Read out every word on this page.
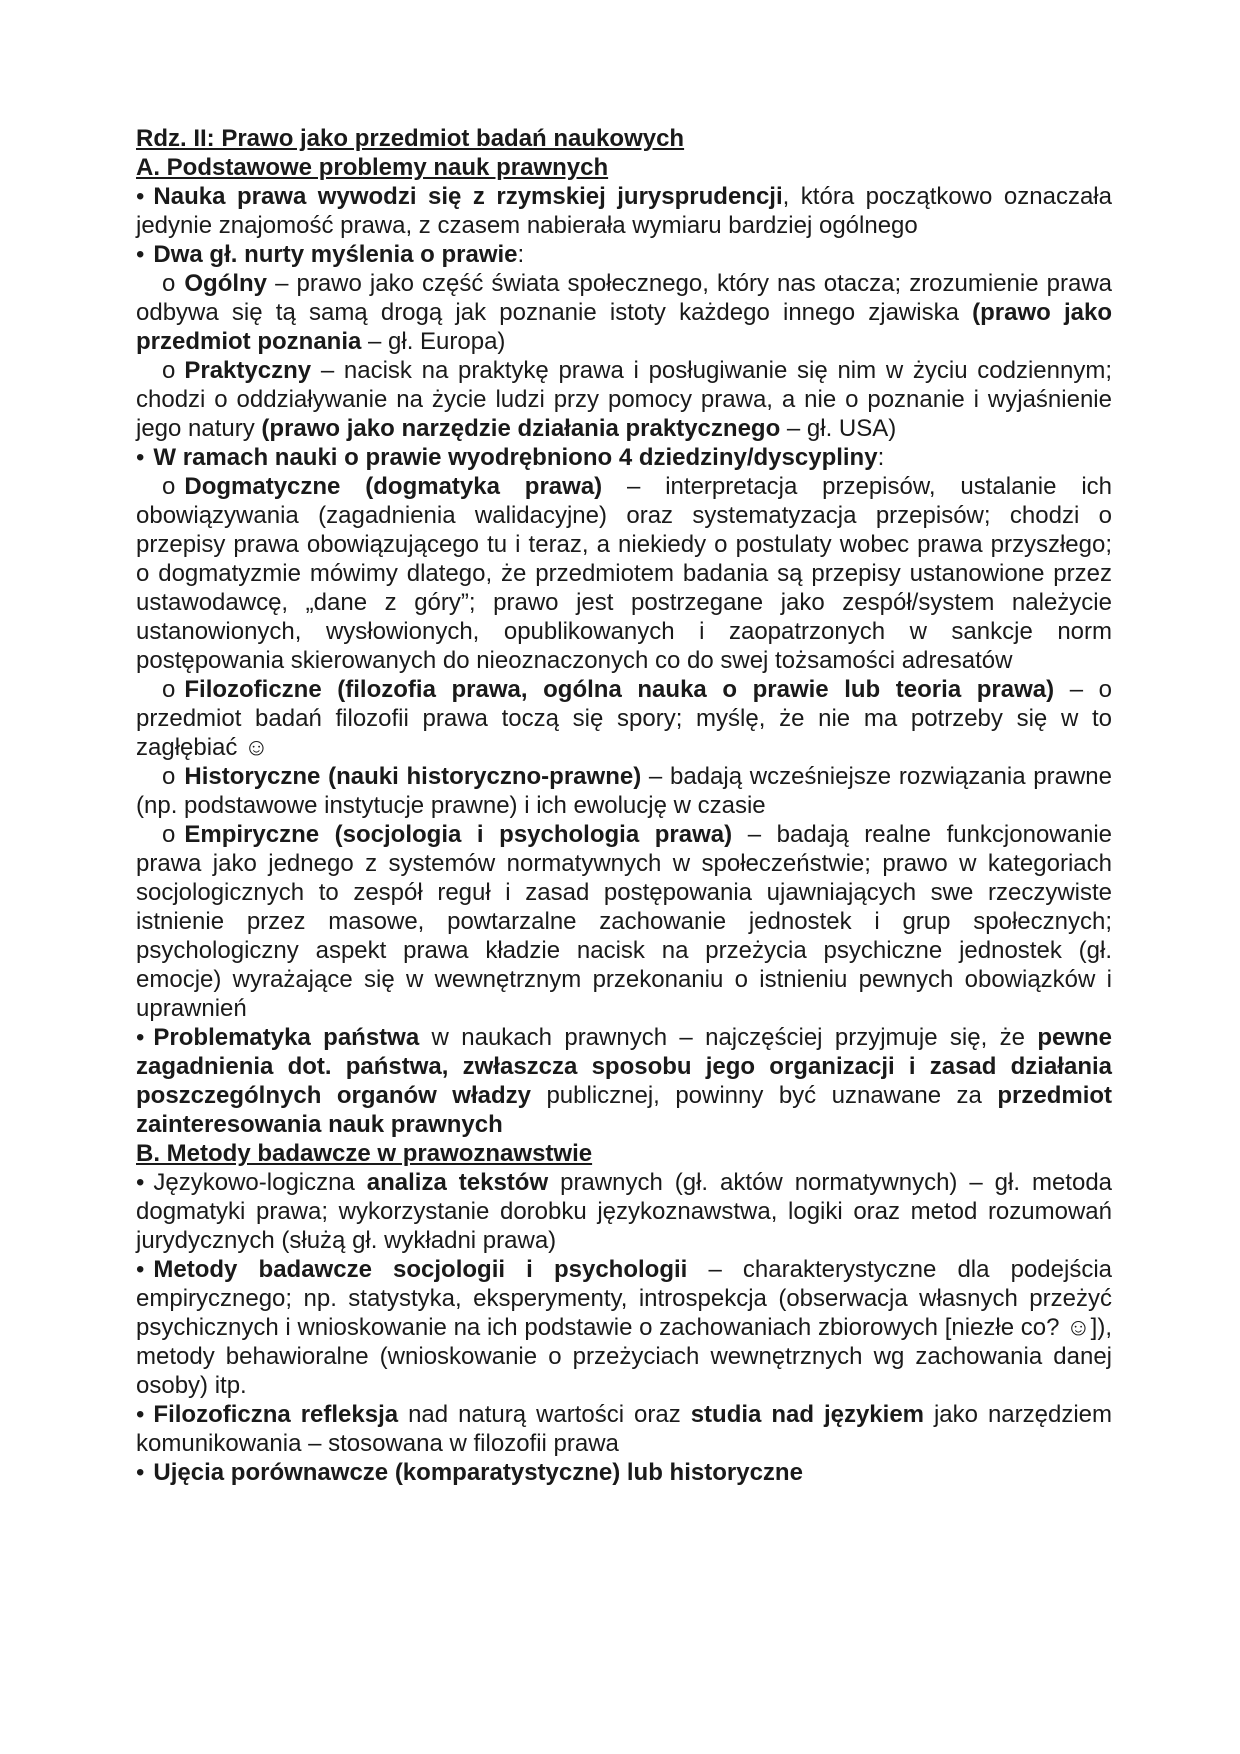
Rdz. II: Prawo jako przedmiot badań naukowych
A. Podstawowe problemy nauk prawnych
• Nauka prawa wywodzi się z rzymskiej jurysprudencji, która początkowo oznaczała jedynie znajomość prawa, z czasem nabierała wymiaru bardziej ogólnego
• Dwa gł. nurty myślenia o prawie:
o Ogólny – prawo jako część świata społecznego, który nas otacza; zrozumienie prawa odbywa się tą samą drogą jak poznanie istoty każdego innego zjawiska (prawo jako przedmiot poznania – gł. Europa)
o Praktyczny – nacisk na praktykę prawa i posługiwanie się nim w życiu codziennym; chodzi o oddziaływanie na życie ludzi przy pomocy prawa, a nie o poznanie i wyjaśnienie jego natury (prawo jako narzędzie działania praktycznego – gł. USA)
• W ramach nauki o prawie wyodrębniono 4 dziedziny/dyscypliny:
o Dogmatyczne (dogmatyka prawa) – interpretacja przepisów, ustalanie ich obowiązywania (zagadnienia walidacyjne) oraz systematyzacja przepisów; chodzi o przepisy prawa obowiązującego tu i teraz, a niekiedy o postulaty wobec prawa przyszłego; o dogmatyzmie mówimy dlatego, że przedmiotem badania są przepisy ustanowione przez ustawodawcę, „dane z góry”; prawo jest postrzegane jako zespół/system należycie ustanowionych, wysłowionych, opublikowanych i zaopatrzonych w sankcje norm postępowania skierowanych do nieoznaczonych co do swej tożsamości adresatów
o Filozoficzne (filozofia prawa, ogólna nauka o prawie lub teoria prawa) – o przedmiot badań filozofii prawa toczą się spory; myślę, że nie ma potrzeby się w to zagłębiać ☺
o Historyczne (nauki historyczno-prawne) – badają wcześniejsze rozwiązania prawne (np. podstawowe instytucje prawne) i ich ewolucję w czasie
o Empiryczne (socjologia i psychologia prawa) – badają realne funkcjonowanie prawa jako jednego z systemów normatywnych w społeczeństwie; prawo w kategoriach socjologicznych to zespół reguł i zasad postępowania ujawniających swe rzeczywiste istnienie przez masowe, powtarzalne zachowanie jednostek i grup społecznych; psychologiczny aspekt prawa kładzie nacisk na przeżycia psychiczne jednostek (gł. emocje) wyrażające się w wewnętrznym przekonaniu o istnieniu pewnych obowiązków i uprawnień
• Problematyka państwa w naukach prawnych – najczęściej przyjmuje się, że pewne zagadnienia dot. państwa, zwłaszcza sposobu jego organizacji i zasad działania poszczególnych organów władzy publicznej, powinny być uznawane za przedmiot zainteresowania nauk prawnych
B. Metody badawcze w prawoznawstwie
• Językowo-logiczna analiza tekstów prawnych (gł. aktów normatywnych) – gł. metoda dogmatyki prawa; wykorzystanie dorobku językoznawstwa, logiki oraz metod rozumowań jurydycznych (służą gł. wykładni prawa)
• Metody badawcze socjologii i psychologii – charakterystyczne dla podejścia empirycznego; np. statystyka, eksperymenty, introspekcja (obserwacja własnych przeżyć psychicznych i wnioskowanie na ich podstawie o zachowaniach zbiorowych [niezłe co? ☺]), metody behawioralne (wnioskowanie o przeżyciach wewnętrznych wg zachowania danej osoby) itp.
• Filozoficzna refleksja nad naturą wartości oraz studia nad językiem jako narzędziem komunikowania – stosowana w filozofii prawa
• Ujęcia porównawcze (komparatystyczne) lub historyczne
